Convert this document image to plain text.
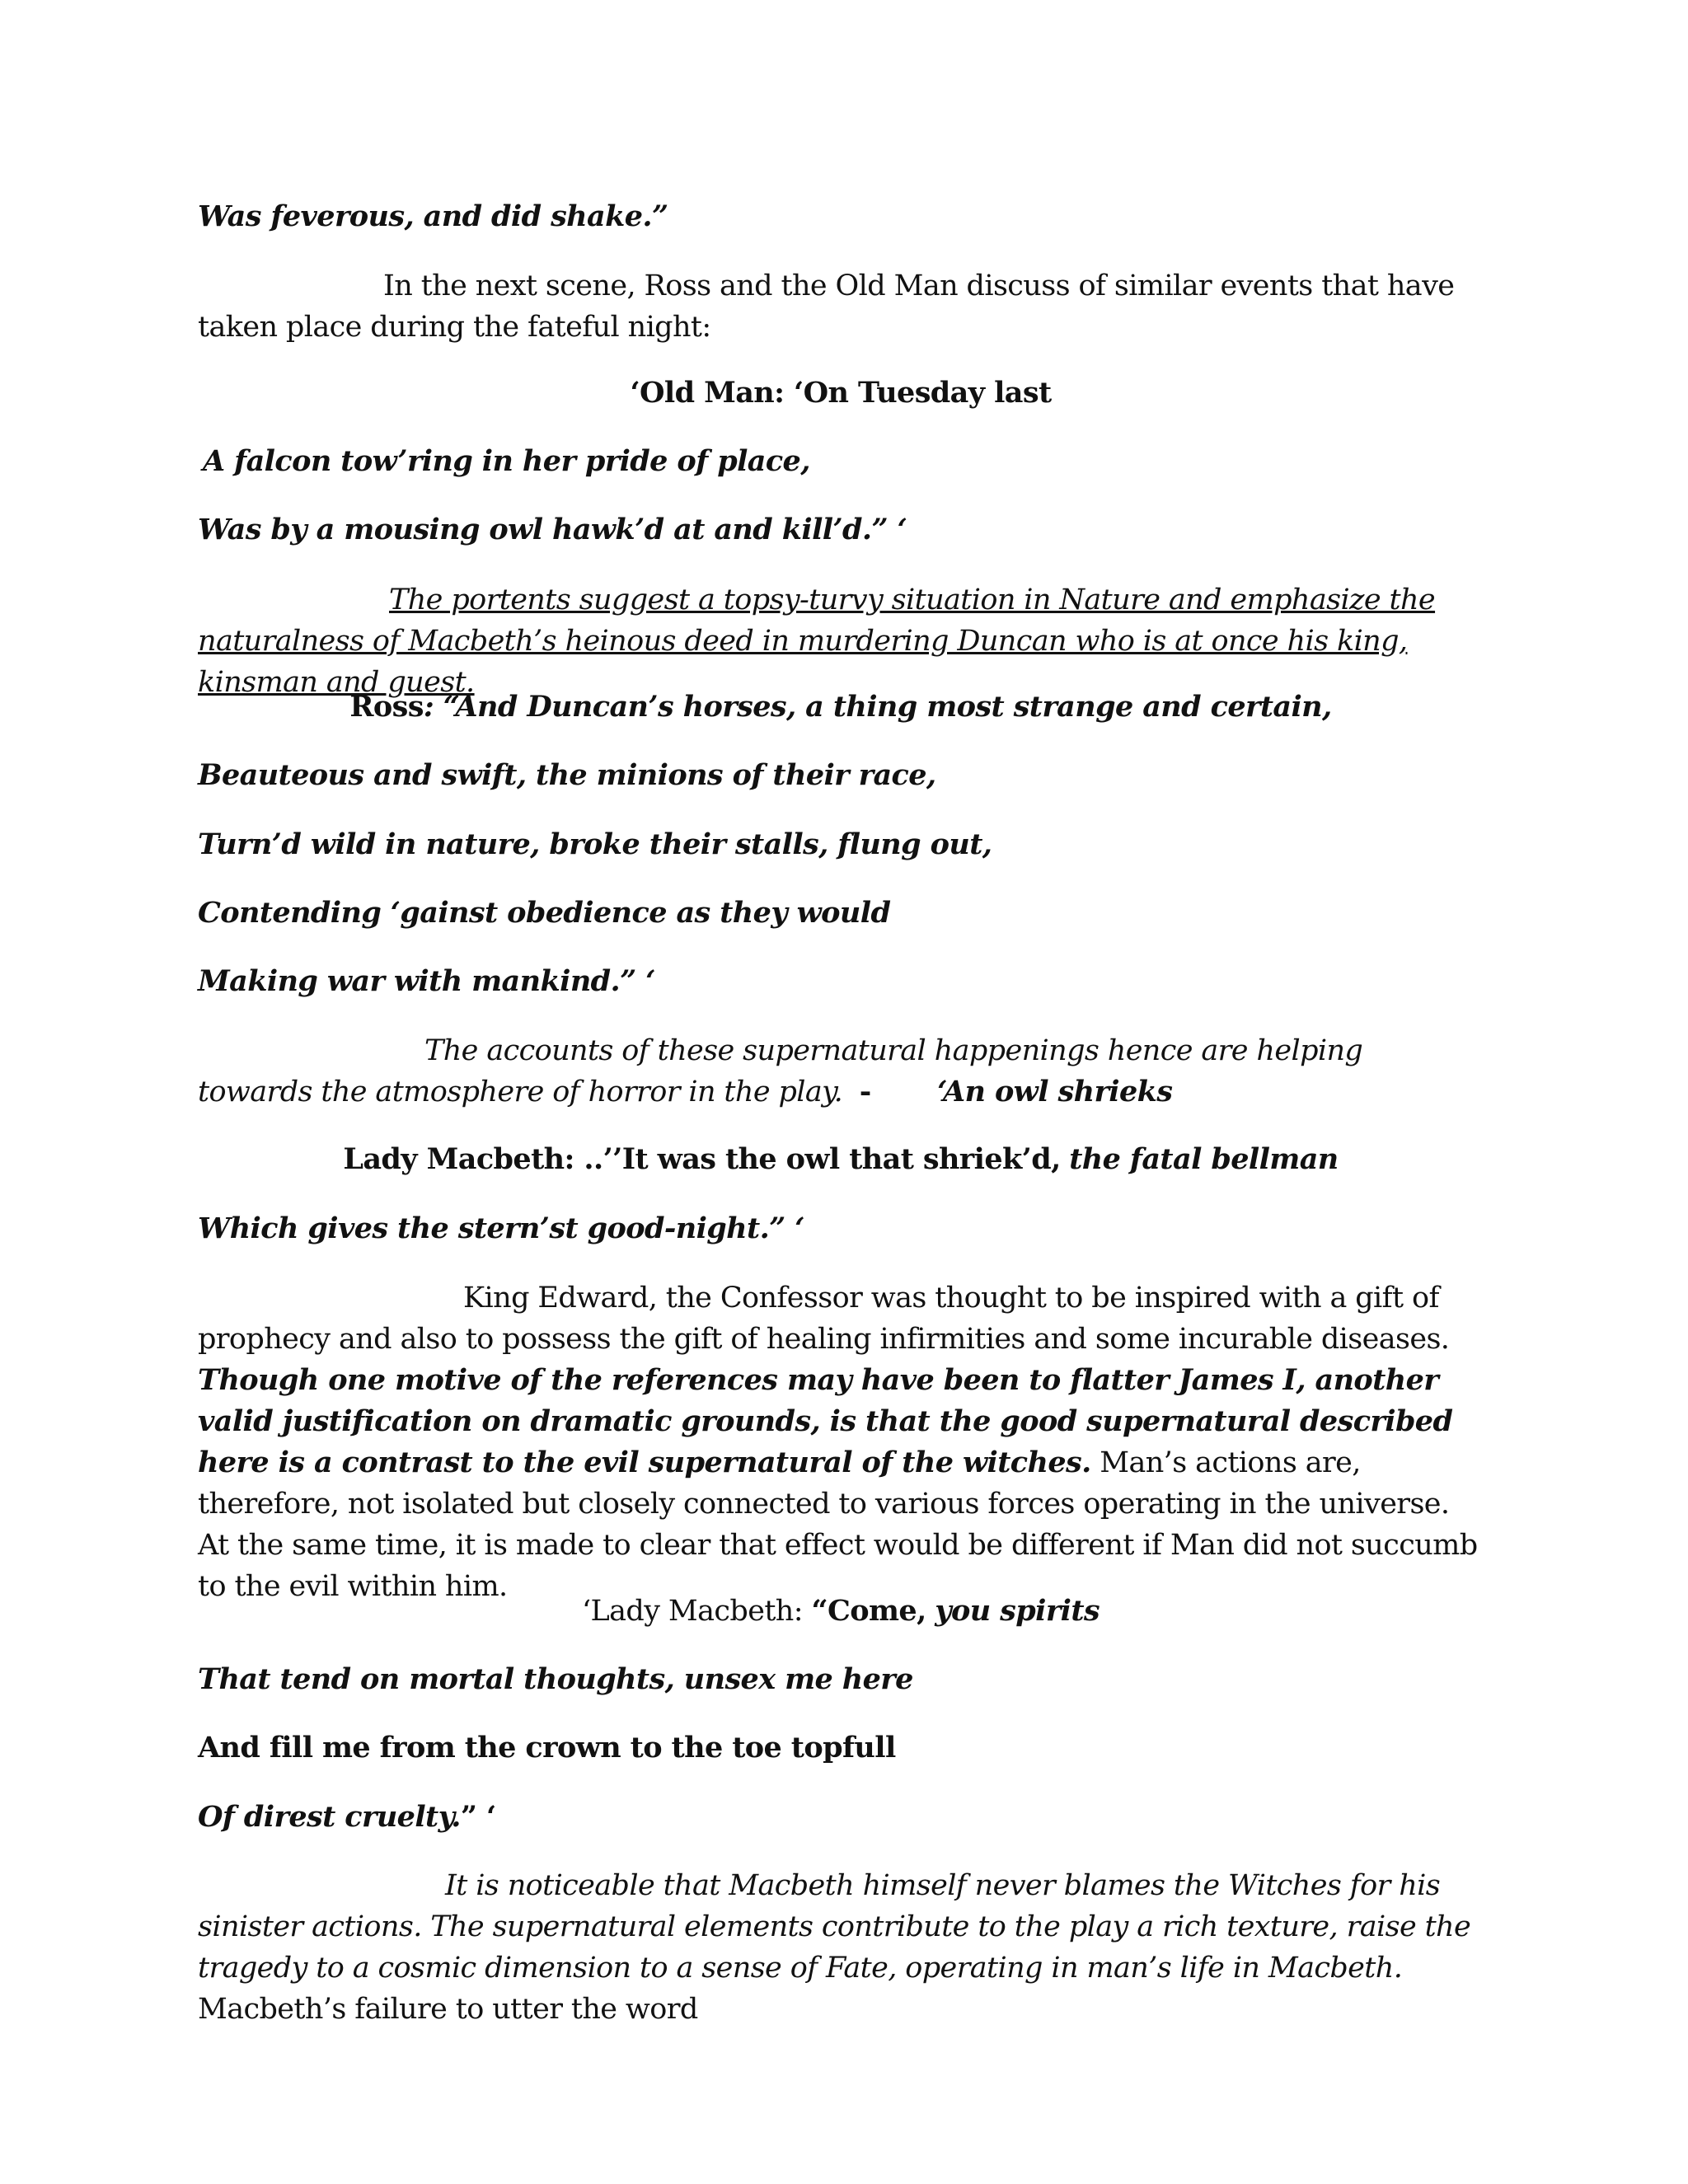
Was feverous, and did shake.”

In the next scene, Ross and the Old Man discuss of similar events that have taken place during the fateful night:

‘Old Man: ‘On Tuesday last

A falcon tow’ring in her pride of place,

Was by a mousing owl hawk’d at and kill’d.” ‘

The portents suggest a topsy-turvy situation in Nature and emphasize the naturalness of Macbeth’s heinous deed in murdering Duncan who is at once his king, kinsman and guest.

Ross: “And Duncan’s horses, a thing most strange and certain,

Beauteous and swift, the minions of their race,

Turn’d wild in nature, broke their stalls, flung out,

Contending ‘gainst obedience as they would

Making war with mankind.” ‘

The accounts of these supernatural happenings hence are helping towards the atmosphere of horror in the play. - ‘An owl shrieks

Lady Macbeth: ..’’It was the owl that shriek’d, the fatal bellman

Which gives the stern’st good-night.” ‘

King Edward, the Confessor was thought to be inspired with a gift of prophecy and also to possess the gift of healing infirmities and some incurable diseases. Though one motive of the references may have been to flatter James I, another valid justification on dramatic grounds, is that the good supernatural described here is a contrast to the evil supernatural of the witches. Man’s actions are, therefore, not isolated but closely connected to various forces operating in the universe. At the same time, it is made to clear that effect would be different if Man did not succumb to the evil within him.

‘Lady Macbeth: “Come, you spirits

That tend on mortal thoughts, unsex me here

And fill me from the crown to the toe topfull

Of direst cruelty.” ‘

It is noticeable that Macbeth himself never blames the Witches for his sinister actions. The supernatural elements contribute to the play a rich texture, raise the tragedy to a cosmic dimension to a sense of Fate, operating in man’s life in Macbeth. Macbeth’s failure to utter the word
